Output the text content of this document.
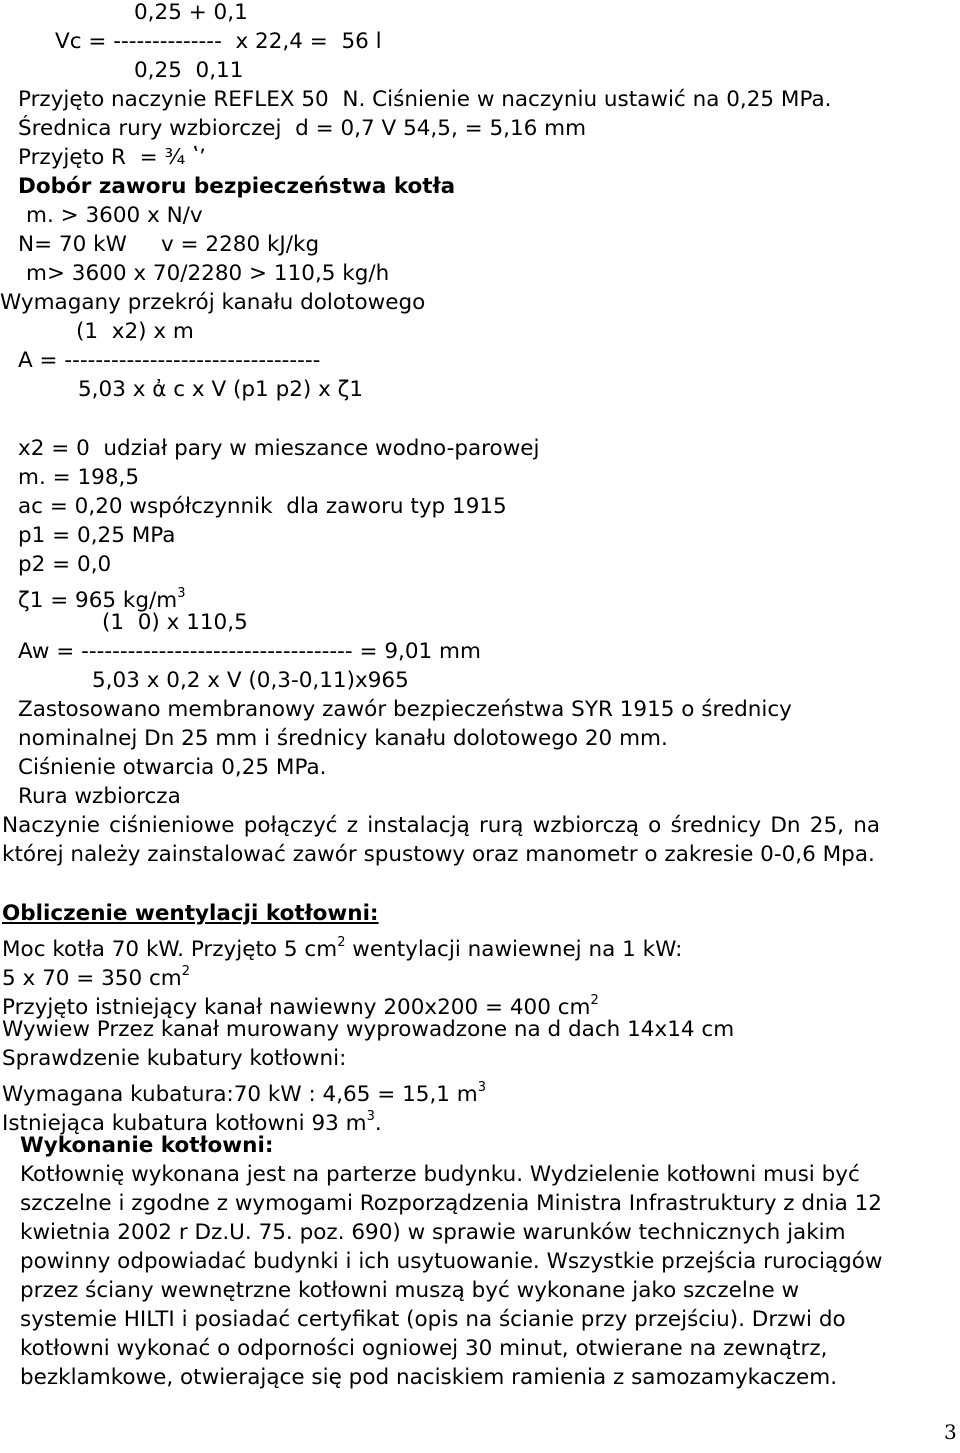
0,25 + 0,1
Vc = --------------  x 22,4 =  56 l
0,25  0,11
Przyjęto naczynie REFLEX 50  N. Ciśnienie w naczyniu ustawić na 0,25 MPa.
Średnica rury wzbiorczej  d = 0,7 V 54,5, = 5,16 mm
Przyjęto R  = ¾ ʽʼ
Dobór zaworu bezpieczeństwa kotła
m. > 3600 x N/v
N= 70 kW     v = 2280 kJ/kg
m> 3600 x 70/2280 > 110,5 kg/h
Wymagany przekrój kanału dolotowego
(1  x2) x m
A = ---------------------------------
5,03 x ἀ c x V (p1 p2) x ζ1
x2 = 0  udział pary w mieszance wodno-parowej
m. = 198,5
ac = 0,20 współczynnik  dla zaworu typ 1915
p1 = 0,25 MPa
p2 = 0,0
ζ1 = 965 $kg/m^3$
(1  0) x 110,5
Aw = ----------------------------------- = 9,01 mm
5,03 x 0,2 x V (0,3-0,11)x965
Zastosowano membranowy zawór bezpieczeństwa SYR 1915 o średnicy
nominalnej Dn 25 mm i średnicy kanału dolotowego 20 mm.
Ciśnienie otwarcia 0,25 MPa.
Rura wzbiorcza
Naczynie ciśnieniowe połączyć z instalacją rurą wzbiorczą o średnicy Dn 25, na
której należy zainstalować zawór spustowy oraz manometr o zakresie 0-0,6 Mpa.
Obliczenie wentylacji kotłowni:
Moc kotła 70 kW. Przyjęto 5 $cm^2$ wentylacji nawiewnej na 1 kW:
5 x 70 = 350 $cm^2$
Przyjęto istniejący kanał nawiewny 200x200 = 400 $cm^2$
Wywiew Przez kanał murowany wyprowadzone na d dach 14x14 cm
Sprawdzenie kubatury kotłowni:
Wymagana kubatura:70 kW : 4,65 = 15,1 $m^3$
Istniejąca kubatura kotłowni 93 $m^3$.
Wykonanie kotłowni:
Kotłownię wykonana jest na parterze budynku. Wydzielenie kotłowni musi być
szczelne i zgodne z wymogami Rozporządzenia Ministra Infrastruktury z dnia 12
kwietnia 2002 r Dz.U. 75. poz. 690) w sprawie warunków technicznych jakim
powinny odpowiadać budynki i ich usytuowanie. Wszystkie przejścia rurociągów
przez ściany wewnętrzne kotłowni muszą być wykonane jako szczelne w
systemie HILTI i posiadać certyfikat (opis na ścianie przy przejściu). Drzwi do
kotłowni wykonać o odporności ogniowej 30 minut, otwierane na zewnątrz,
bezklamkowe, otwierające się pod naciskiem ramienia z samozamykaczem.
3
